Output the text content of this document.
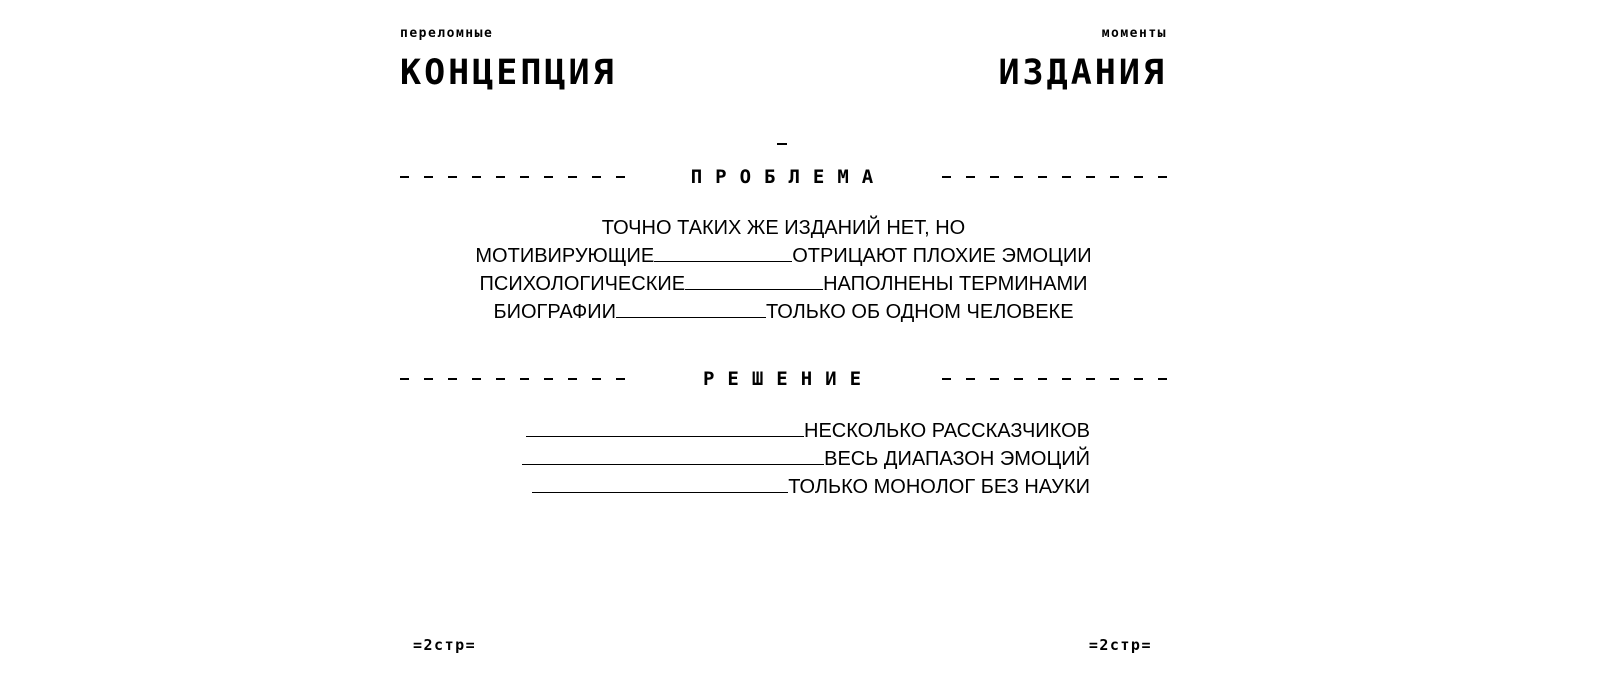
переломные	моменты
КОНЦЕПЦИЯ	ИЗДАНИЯ
ПРОБЛЕМА
ТОЧНО ТАКИХ ЖЕ ИЗДАНИЙ НЕТ, НО
МОТИВИРУЮЩИЕ	ОТРИЦАЮТ ПЛОХИЕ ЭМОЦИИ
ПСИХОЛОГИЧЕСКИЕ	НАПОЛНЕНЫ ТЕРМИНАМИ
БИОГРАФИИ	ТОЛЬКО ОБ ОДНОМ ЧЕЛОВЕКЕ
РЕШЕНИЕ
НЕСКОЛЬКО РАССКАЗЧИКОВ
ВЕСЬ ДИАПАЗОН ЭМОЦИЙ
ТОЛЬКО МОНОЛОГ БЕЗ НАУКИ
=2стр=	=2стр=
